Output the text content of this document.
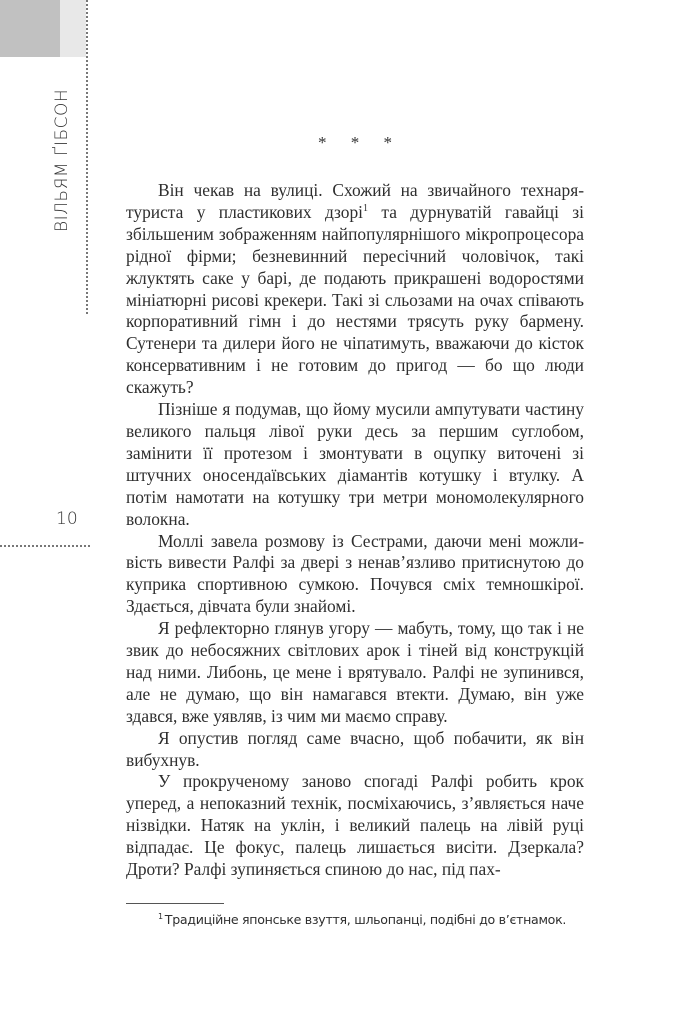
ВІЛЬЯМ ҐІБСОН
10
* * *

Він чекав на вулиці. Схожий на звичайного технаря-туриста у пластикових дзорі$^1$ та дурнуватій гавайці зі збільшеним зображенням найпопулярнішого мікропроцесора рідної фірми; безневинний пересічний чоловічок, такі жлуктять саке у барі, де подають прикрашені водоростями мініатюрні рисові крекери. Такі зі сльозами на очах співають корпоративний гімн і до нестями трясуть руку бармену. Сутенери та дилери його не чіпатимуть, вважаючи до кісток консервативним і не готовим до пригод — бо що люди скажуть?

Пізніше я подумав, що йому мусили ампутувати частину великого пальця лівої руки десь за першим суглобом, замінити її протезом і змонтувати в оцупку виточені зі штучних оносендаївських діамантів котушку і втулку. А потім намотати на котушку три метри мономолекулярного волокна.

Моллі завела розмову із Сестрами, даючи мені можливість вивести Ралфі за двері з ненав’язливо притиснутою до куприка спортивною сумкою. Почувся сміх темношкірої. Здається, дівчата були знайомі.

Я рефлекторно глянув угору — мабуть, тому, що так і не звик до небосяжних світлових арок і тіней від конструкцій над ними. Либонь, це мене і врятувало. Ралфі не зупинився, але не думаю, що він намагався втекти. Думаю, він уже здався, вже уявляв, із чим ми маємо справу.

Я опустив погляд саме вчасно, щоб побачити, як він вибухнув.

У прокрученому заново спогаді Ралфі робить крок уперед, а непоказний технік, посміхаючись, з’являється наче нізвідки. Натяк на уклін, і великий палець на лівій руці відпадає. Це фокус, палець лишається висіти. Дзеркала? Дроти? Ралфі зупиняється спиною до нас, під пах-

$^1$ Традиційне японське взуття, шльопанці, подібні до в’єтнамок.
